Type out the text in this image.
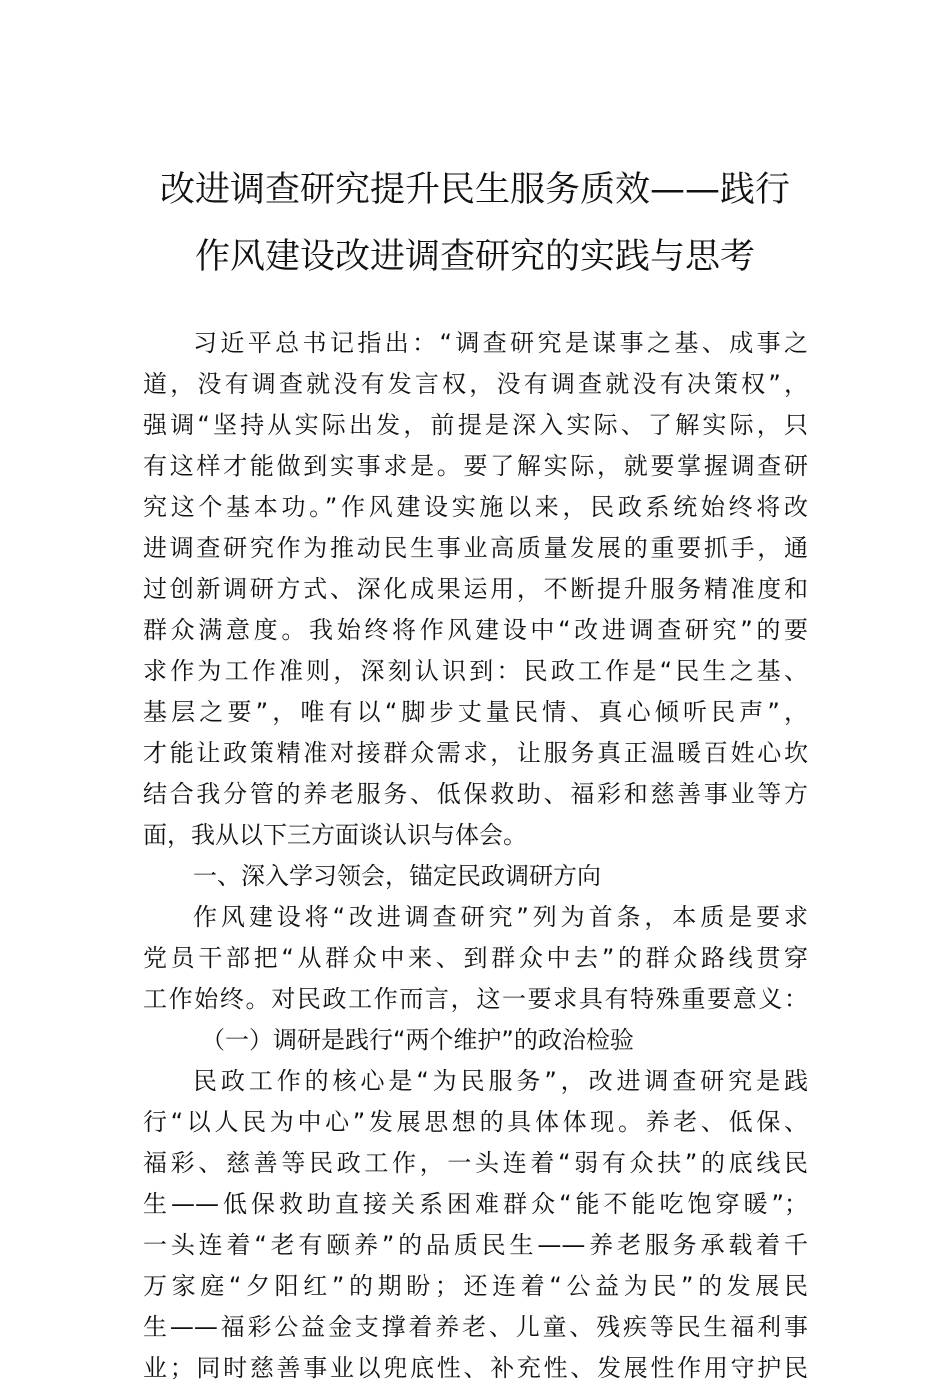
改进调查研究提升民生服务质效——践行
作风建设改进调查研究的实践与思考
习近平总书记指出：“调查研究是谋事之基、成事之
道，没有调查就没有发言权，没有调查就没有决策权”，
强调“坚持从实际出发，前提是深入实际、了解实际，只
有这样才能做到实事求是。要了解实际，就要掌握调查研
究这个基本功。”作风建设实施以来，民政系统始终将改
进调查研究作为推动民生事业高质量发展的重要抓手，通
过创新调研方式、深化成果运用，不断提升服务精准度和
群众满意度。我始终将作风建设中“改进调查研究”的要
求作为工作准则，深刻认识到：民政工作是“民生之基、
基层之要”，唯有以“脚步丈量民情、真心倾听民声”，
才能让政策精准对接群众需求，让服务真正温暖百姓心坎
结合我分管的养老服务、低保救助、福彩和慈善事业等方
面，我从以下三方面谈认识与体会。
一、深入学习领会，锚定民政调研方向
作风建设将“改进调查研究”列为首条，本质是要求
党员干部把“从群众中来、到群众中去”的群众路线贯穿
工作始终。对民政工作而言，这一要求具有特殊重要意义：
（一）调研是践行“两个维护”的政治检验
民政工作的核心是“为民服务”，改进调查研究是践
行“以人民为中心”发展思想的具体体现。养老、低保、
福彩、慈善等民政工作，一头连着“弱有众扶”的底线民
生——低保救助直接关系困难群众“能不能吃饱穿暖”；
一头连着“老有颐养”的品质民生——养老服务承载着千
万家庭“夕阳红”的期盼；还连着“公益为民”的发展民
生——福彩公益金支撑着养老、儿童、残疾等民生福利事
业；同时慈善事业以兜底性、补充性、发展性作用守护民
